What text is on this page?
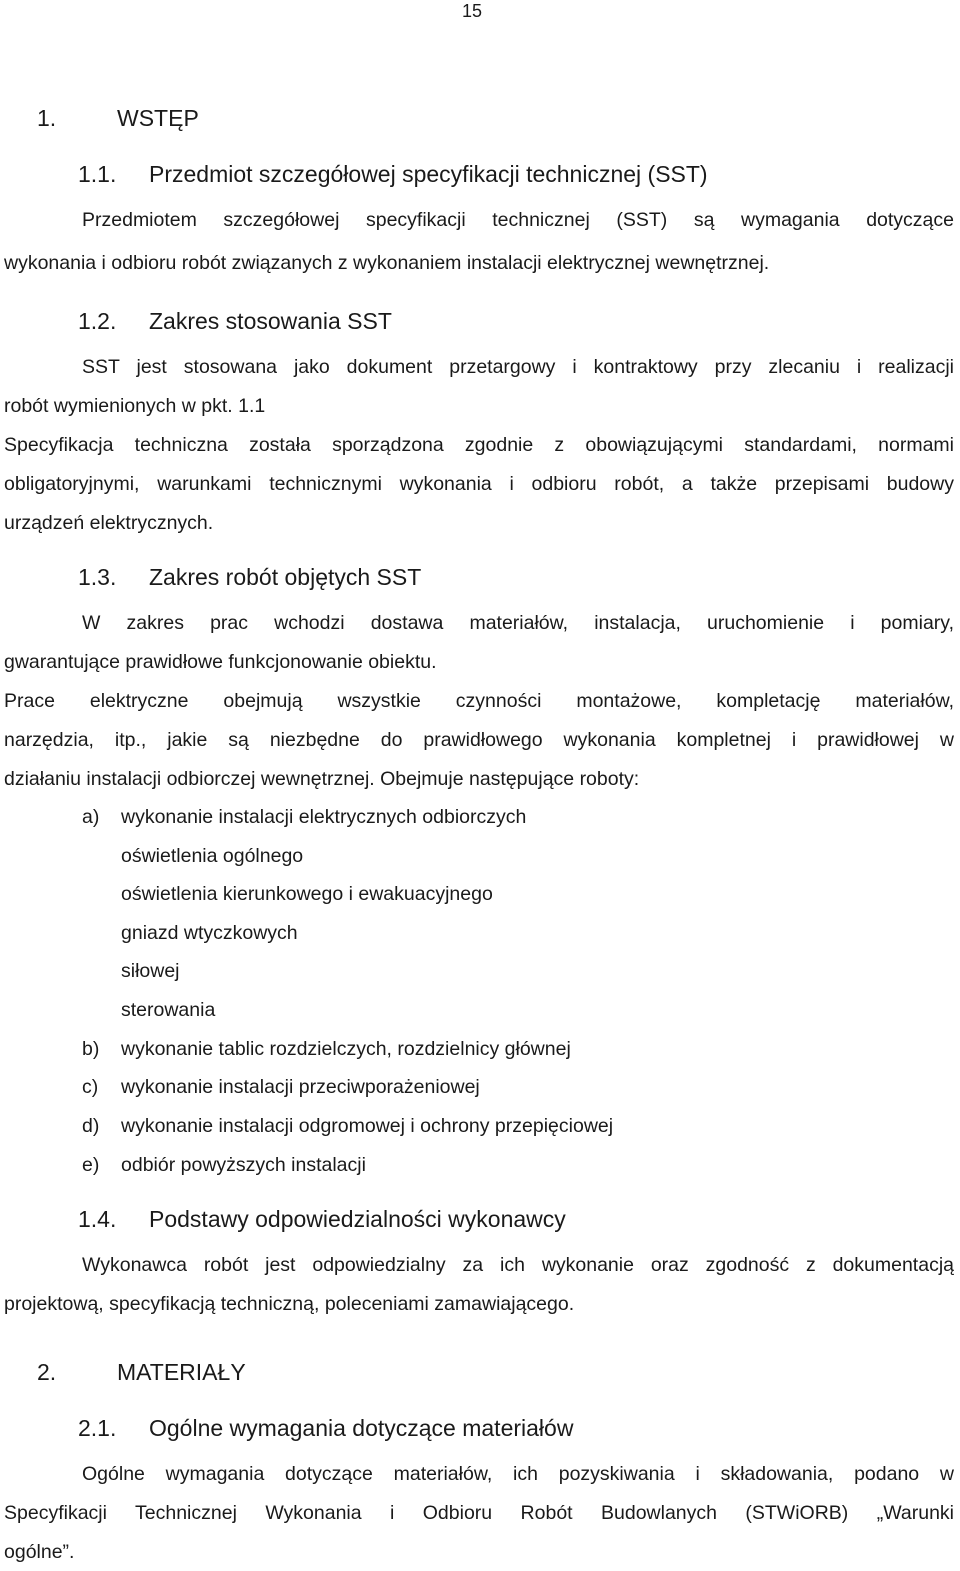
15
1.	WSTĘP
1.1. Przedmiot szczegółowej specyfikacji technicznej (SST)
Przedmiotem szczegółowej specyfikacji technicznej (SST) są wymagania dotyczące
wykonania i odbioru robót związanych z wykonaniem instalacji elektrycznej wewnętrznej.
1.2. Zakres stosowania SST
SST jest stosowana jako dokument przetargowy i kontraktowy przy zlecaniu i realizacji
robót wymienionych w pkt. 1.1
Specyfikacja techniczna została sporządzona zgodnie z obowiązującymi standardami, normami
obligatoryjnymi, warunkami technicznymi wykonania i odbioru robót, a także przepisami budowy
urządzeń elektrycznych.
1.3. Zakres robót objętych SST
W zakres prac wchodzi dostawa materiałów, instalacja, uruchomienie i pomiary,
gwarantujące prawidłowe funkcjonowanie obiektu.
Prace elektryczne obejmują wszystkie czynności montażowe, kompletację materiałów,
narzędzia, itp., jakie są niezbędne do prawidłowego wykonania kompletnej i prawidłowej w
działaniu instalacji odbiorczej wewnętrznej. Obejmuje następujące roboty:
a) wykonanie instalacji elektrycznych odbiorczych
oświetlenia ogólnego
oświetlenia kierunkowego i ewakuacyjnego
gniazd wtyczkowych
siłowej
sterowania
b) wykonanie tablic rozdzielczych, rozdzielnicy głównej
c) wykonanie instalacji przeciwporażeniowej
d) wykonanie instalacji odgromowej i ochrony przepięciowej
e) odbiór powyższych instalacji
1.4. Podstawy odpowiedzialności wykonawcy
Wykonawca robót jest odpowiedzialny za ich wykonanie oraz zgodność z dokumentacją
projektową, specyfikacją techniczną, poleceniami zamawiającego.
2.	MATERIAŁY
2.1. Ogólne wymagania dotyczące materiałów
Ogólne wymagania dotyczące materiałów, ich pozyskiwania i składowania, podano w
Specyfikacji Technicznej Wykonania i Odbioru Robót Budowlanych (STWiORB) „Warunki
ogólne”.
